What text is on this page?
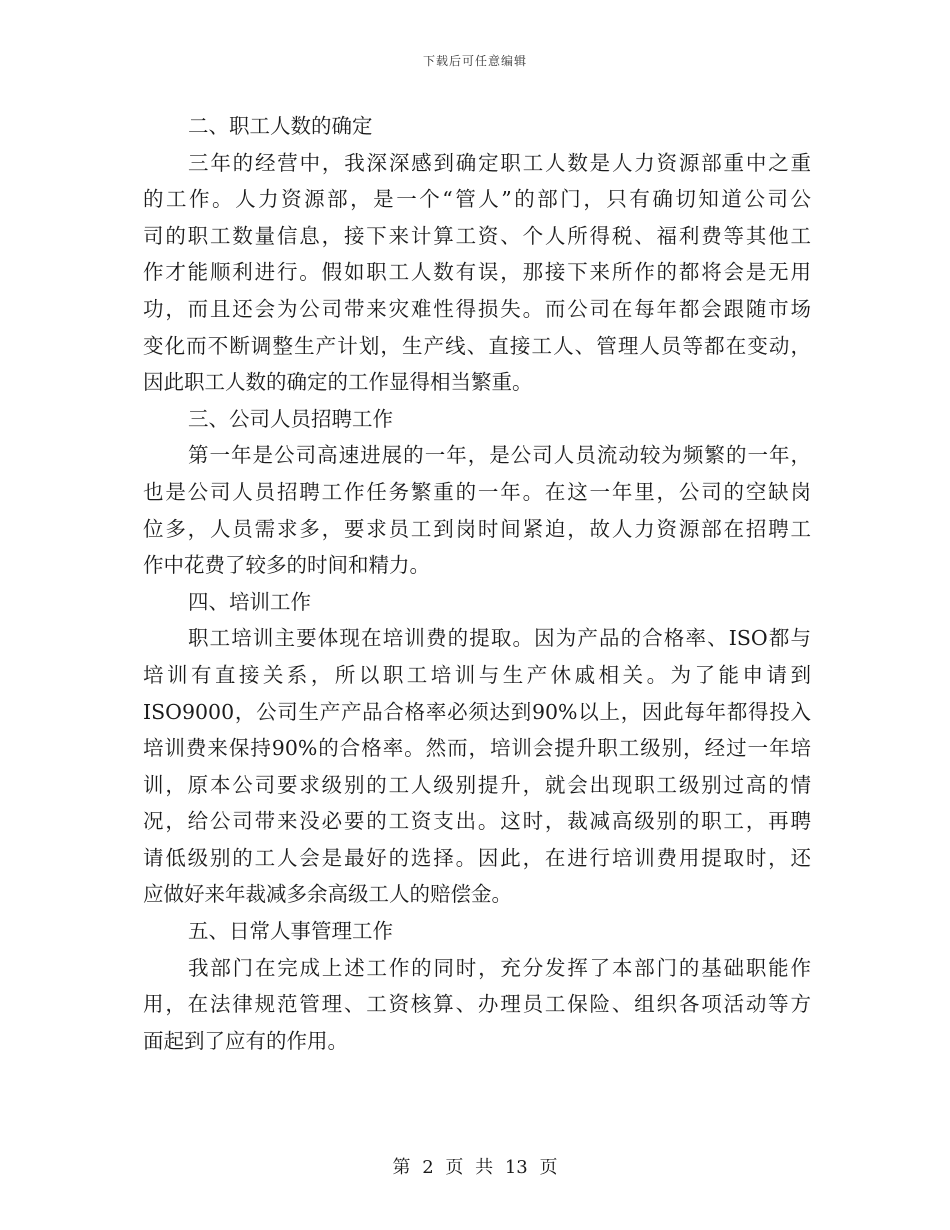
下载后可任意编辑
二、职工人数的确定
三年的经营中，我深深感到确定职工人数是人力资源部重中之重
的工作。人力资源部，是一个“管人”的部门，只有确切知道公司公
司的职工数量信息，接下来计算工资、个人所得税、福利费等其他工
作才能顺利进行。假如职工人数有误，那接下来所作的都将会是无用
功，而且还会为公司带来灾难性得损失。而公司在每年都会跟随市场
变化而不断调整生产计划，生产线、直接工人、管理人员等都在变动，
因此职工人数的确定的工作显得相当繁重。
三、公司人员招聘工作
第一年是公司高速进展的一年，是公司人员流动较为频繁的一年，
也是公司人员招聘工作任务繁重的一年。在这一年里，公司的空缺岗
位多，人员需求多，要求员工到岗时间紧迫，故人力资源部在招聘工
作中花费了较多的时间和精力。
四、培训工作
职工培训主要体现在培训费的提取。因为产品的合格率、ISO都与
培训有直接关系，所以职工培训与生产休戚相关。为了能申请到
ISO9000，公司生产产品合格率必须达到90%以上，因此每年都得投入
培训费来保持90%的合格率。然而，培训会提升职工级别，经过一年培
训，原本公司要求级别的工人级别提升，就会出现职工级别过高的情
况，给公司带来没必要的工资支出。这时，裁减高级别的职工，再聘
请低级别的工人会是最好的选择。因此，在进行培训费用提取时，还
应做好来年裁减多余高级工人的赔偿金。
五、日常人事管理工作
我部门在完成上述工作的同时，充分发挥了本部门的基础职能作
用，在法律规范管理、工资核算、办理员工保险、组织各项活动等方
面起到了应有的作用。
第 2 页 共 13 页
